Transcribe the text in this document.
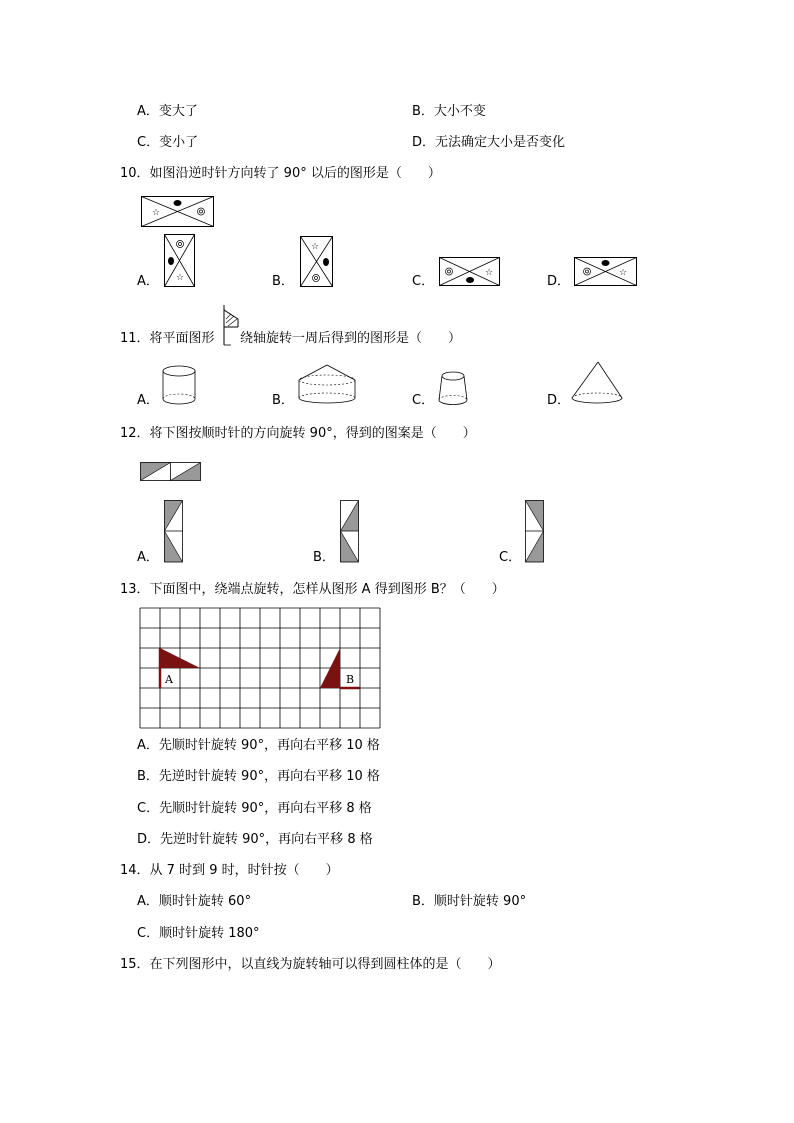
A．变大了	B．大小不变
C．变小了	D．无法确定大小是否变化
10．如图沿逆时针方向转了 90° 以后的图形是（　　）
☆
A． ☆	B．
☆
C．
☆
D．
☆
11．将平面图形 绕轴旋转一周后得到的图形是（　　）
A．	B．	C．	D．
12．将下图按顺时针的方向旋转 90°，得到的图案是（　　）
A．	B．	C．
13．下面图中，绕端点旋转，怎样从图形 A 得到图形 B？（　　）
A	B
A．先顺时针旋转 90°，再向右平移 10 格
B．先逆时针旋转 90°，再向右平移 10 格
C．先顺时针旋转 90°，再向右平移 8 格
D．先逆时针旋转 90°，再向右平移 8 格
14．从 7 时到 9 时，时针按（　　）
A．顺时针旋转 60°	B．顺时针旋转 90°
C．顺时针旋转 180°
15．在下列图形中，以直线为旋转轴可以得到圆柱体的是（　　）
